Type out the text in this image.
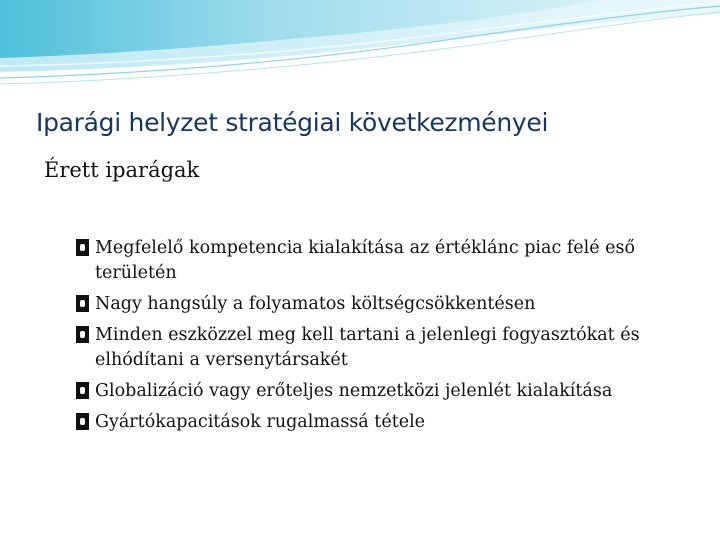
Iparági helyzet stratégiai következményei
Érett iparágak
Megfelelő kompetencia kialakítása az értéklánc piac felé eső területén
Nagy hangsúly a folyamatos költségcsökkentésen
Minden eszközzel meg kell tartani a jelenlegi fogyasztókat és elhódítani a versenytársakét
Globalizáció vagy erőteljes nemzetközi jelenlét kialakítása
Gyártókapacitások rugalmassá tétele
